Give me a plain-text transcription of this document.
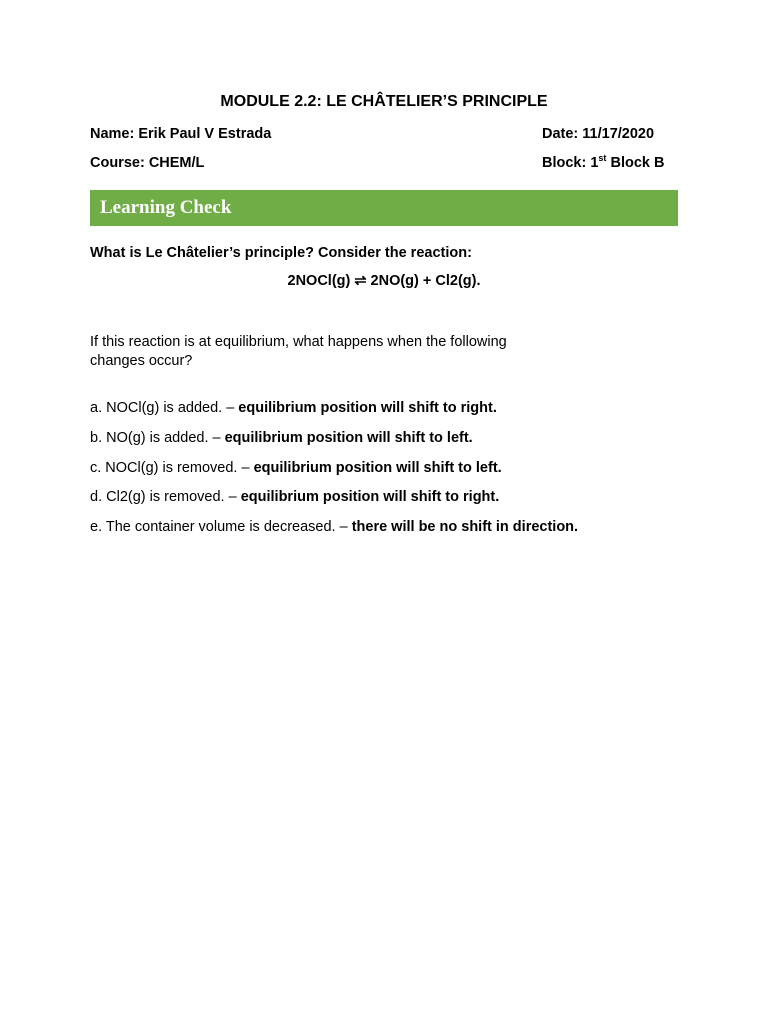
MODULE 2.2: LE CHÂTELIER’S PRINCIPLE
Name: Erik Paul V Estrada	Date: 11/17/2020
Course: CHEM/L	Block: 1st Block B
Learning Check
What is Le Châtelier’s principle? Consider the reaction:
2NOCl(g) ⇌ 2NO(g) + Cl2(g).
If this reaction is at equilibrium, what happens when the following changes occur?
a. NOCl(g) is added. – equilibrium position will shift to right.
b. NO(g) is added. – equilibrium position will shift to left.
c. NOCl(g) is removed. – equilibrium position will shift to left.
d. Cl2(g) is removed. – equilibrium position will shift to right.
e. The container volume is decreased. – there will be no shift in direction.
